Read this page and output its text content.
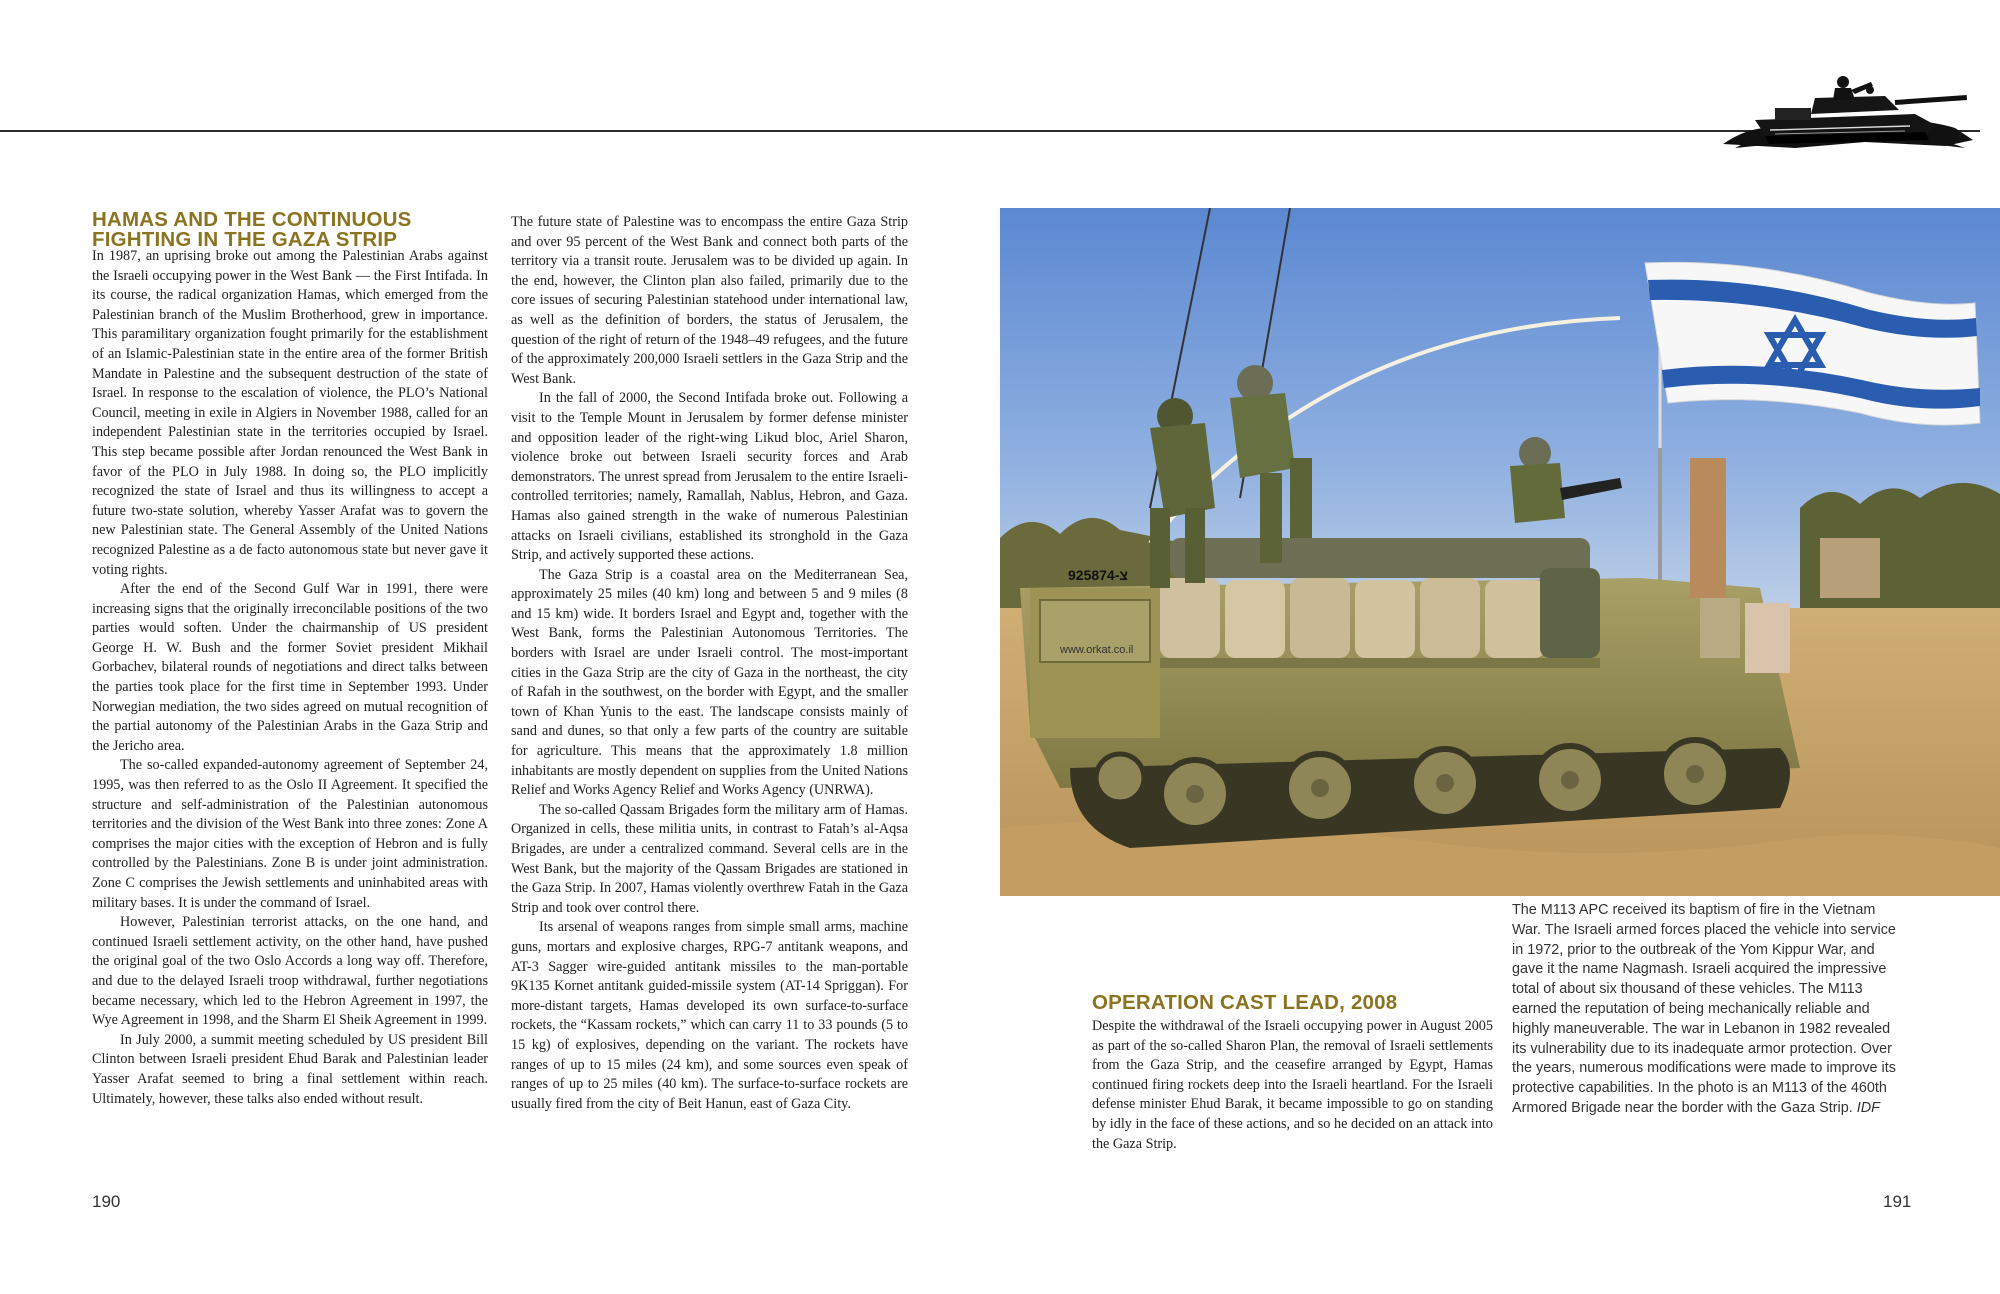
HAMAS AND THE CONTINUOUS FIGHTING IN THE GAZA STRIP

In 1987, an uprising broke out among the Palestinian Arabs against the Israeli occupying power in the West Bank — the First Intifada. In its course, the radical organization Hamas, which emerged from the Palestinian branch of the Muslim Brotherhood, grew in importance. This paramilitary organization fought primarily for the establishment of an Islamic-Palestinian state in the entire area of the former British Mandate in Palestine and the subsequent destruction of the state of Israel. In response to the escalation of violence, the PLO’s National Council, meeting in exile in Algiers in November 1988, called for an independent Palestinian state in the territories occupied by Israel. This step became possible after Jordan renounced the West Bank in favor of the PLO in July 1988. In doing so, the PLO implicitly recognized the state of Israel and thus its willingness to accept a future two-state solution, whereby Yasser Arafat was to govern the new Palestinian state. The General Assembly of the United Nations recognized Palestine as a de facto autonomous state but never gave it voting rights.

After the end of the Second Gulf War in 1991, there were increasing signs that the originally irreconcilable positions of the two parties would soften. Under the chairmanship of US president George H. W. Bush and the former Soviet president Mikhail Gorbachev, bilateral rounds of negotiations and direct talks between the parties took place for the first time in September 1993. Under Norwegian mediation, the two sides agreed on mutual recognition of the partial autonomy of the Palestinian Arabs in the Gaza Strip and the Jericho area.

The so-called expanded-autonomy agreement of September 24, 1995, was then referred to as the Oslo II Agreement. It specified the structure and self-administration of the Palestinian autonomous territories and the division of the West Bank into three zones: Zone A comprises the major cities with the exception of Hebron and is fully controlled by the Palestinians. Zone B is under joint administration. Zone C comprises the Jewish settlements and uninhabited areas with military bases. It is under the command of Israel.

However, Palestinian terrorist attacks, on the one hand, and continued Israeli settlement activity, on the other hand, have pushed the original goal of the two Oslo Accords a long way off. Therefore, and due to the delayed Israeli troop withdrawal, further negotiations became necessary, which led to the Hebron Agreement in 1997, the Wye Agreement in 1998, and the Sharm El Sheik Agreement in 1999.

In July 2000, a summit meeting scheduled by US president Bill Clinton between Israeli president Ehud Barak and Palestinian leader Yasser Arafat seemed to bring a final settlement within reach. Ultimately, however, these talks also ended without result.

The future state of Palestine was to encompass the entire Gaza Strip and over 95 percent of the West Bank and connect both parts of the territory via a transit route. Jerusalem was to be divided up again. In the end, however, the Clinton plan also failed, primarily due to the core issues of securing Palestinian statehood under international law, as well as the definition of borders, the status of Jerusalem, the question of the right of return of the 1948–49 refugees, and the future of the approximately 200,000 Israeli settlers in the Gaza Strip and the West Bank.

In the fall of 2000, the Second Intifada broke out. Following a visit to the Temple Mount in Jerusalem by former defense minister and opposition leader of the right-wing Likud bloc, Ariel Sharon, violence broke out between Israeli security forces and Arab demonstrators. The unrest spread from Jerusalem to the entire Israeli-controlled territories; namely, Ramallah, Nablus, Hebron, and Gaza. Hamas also gained strength in the wake of numerous Palestinian attacks on Israeli civilians, established its stronghold in the Gaza Strip, and actively supported these actions.

The Gaza Strip is a coastal area on the Mediterranean Sea, approximately 25 miles (40 km) long and between 5 and 9 miles (8 and 15 km) wide. It borders Israel and Egypt and, together with the West Bank, forms the Palestinian Autonomous Territories. The borders with Israel are under Israeli control. The most-important cities in the Gaza Strip are the city of Gaza in the northeast, the city of Rafah in the southwest, on the border with Egypt, and the smaller town of Khan Yunis to the east. The landscape consists mainly of sand and dunes, so that only a few parts of the country are suitable for agriculture. This means that the approximately 1.8 million inhabitants are mostly dependent on supplies from the United Nations Relief and Works Agency Relief and Works Agency (UNRWA).

The so-called Qassam Brigades form the military arm of Hamas. Organized in cells, these militia units, in contrast to Fatah’s al-Aqsa Brigades, are under a centralized command. Several cells are in the West Bank, but the majority of the Qassam Brigades are stationed in the Gaza Strip. In 2007, Hamas violently overthrew Fatah in the Gaza Strip and took over control there.

Its arsenal of weapons ranges from simple small arms, machine guns, mortars and explosive charges, RPG-7 antitank weapons, and AT-3 Sagger wire-guided antitank missiles to the man-portable 9K135 Kornet antitank guided-missile system (AT-14 Spriggan). For more-distant targets, Hamas developed its own surface-to-surface rockets, the “Kassam rockets,” which can carry 11 to 33 pounds (5 to 15 kg) of explosives, depending on the variant. The rockets have ranges of up to 15 miles (24 km), and some sources even speak of ranges of up to 25 miles (40 km). The surface-to-surface rockets are usually fired from the city of Beit Hanun, east of Gaza City.

190
925874-צ
www.orkat.co.il
The M113 APC received its baptism of fire in the Vietnam War. The Israeli armed forces placed the vehicle into service in 1972, prior to the outbreak of the Yom Kippur War, and gave it the name Nagmash. Israeli acquired the impressive total of about six thousand of these vehicles. The M113 earned the reputation of being mechanically reliable and highly maneuverable. The war in Lebanon in 1982 revealed its vulnerability due to its inadequate armor protection. Over the years, numerous modifications were made to improve its protective capabilities. In the photo is an M113 of the 460th Armored Brigade near the border with the Gaza Strip. IDF
OPERATION CAST LEAD, 2008

Despite the withdrawal of the Israeli occupying power in August 2005 as part of the so-called Sharon Plan, the removal of Israeli settlements from the Gaza Strip, and the ceasefire arranged by Egypt, Hamas continued firing rockets deep into the Israeli heartland. For the Israeli defense minister Ehud Barak, it became impossible to go on standing by idly in the face of these actions, and so he decided on an attack into the Gaza Strip.

191
